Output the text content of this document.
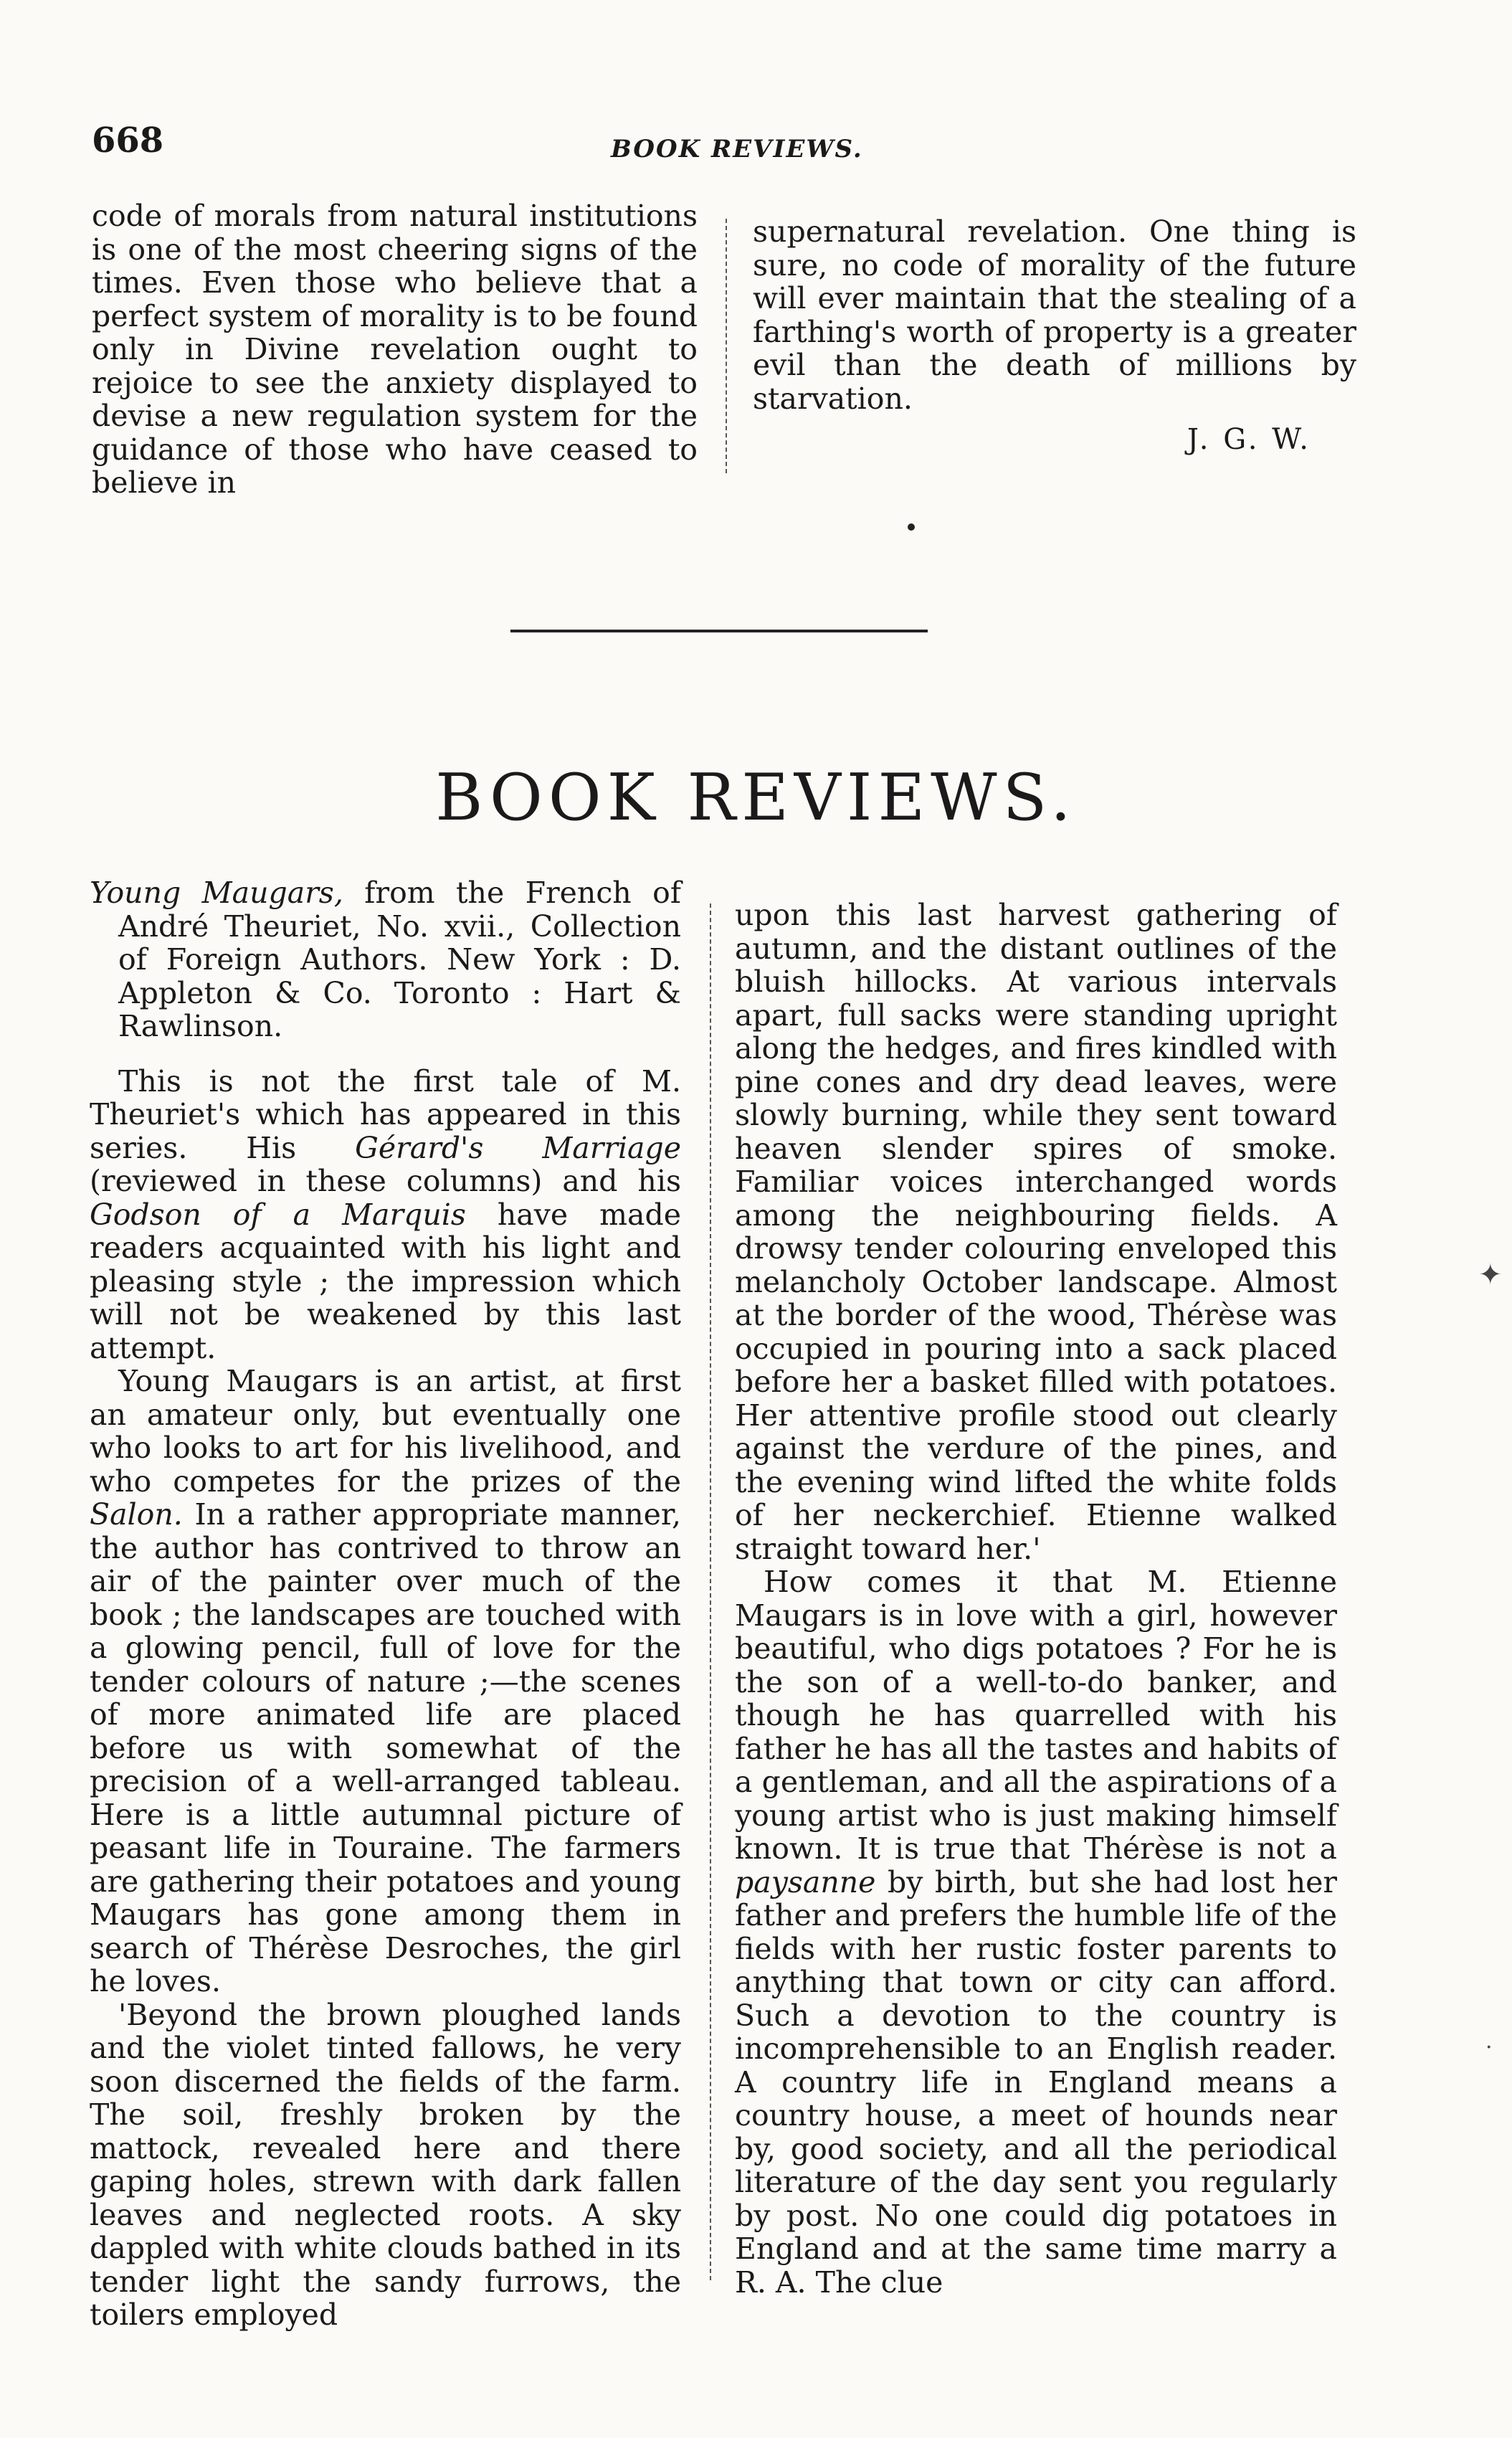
668	BOOK REVIEWS.

code of morals from natural institutions is one of the most cheering signs of the times. Even those who believe that a perfect system of morality is to be found only in Divine revelation ought to rejoice to see the anxiety displayed to devise a new regulation system for the guidance of those who have ceased to believe in

supernatural revelation. One thing is sure, no code of morality of the future will ever maintain that the stealing of a farthing's worth of property is a greater evil than the death of millions by starvation.

J. G. W.
BOOK REVIEWS.

Young Maugars, from the French of André Theuriet, No. xvii., Collection of Foreign Authors. New York : D. Appleton & Co. Toronto : Hart & Rawlinson.

This is not the first tale of M. Theuriet's which has appeared in this series. His Gérard's Marriage (reviewed in these columns) and his Godson of a Marquis have made readers acquainted with his light and pleasing style ; the impression which will not be weakened by this last attempt.

Young Maugars is an artist, at first an amateur only, but eventually one who looks to art for his livelihood, and who competes for the prizes of the Salon. In a rather appropriate manner, the author has contrived to throw an air of the painter over much of the book ; the landscapes are touched with a glowing pencil, full of love for the tender colours of nature ;—the scenes of more animated life are placed before us with somewhat of the precision of a well-arranged tableau. Here is a little autumnal picture of peasant life in Touraine. The farmers are gathering their potatoes and young Maugars has gone among them in search of Thérèse Desroches, the girl he loves.

'Beyond the brown ploughed lands and the violet tinted fallows, he very soon discerned the fields of the farm. The soil, freshly broken by the mattock, revealed here and there gaping holes, strewn with dark fallen leaves and neglected roots. A sky dappled with white clouds bathed in its tender light the sandy furrows, the toilers employed

upon this last harvest gathering of autumn, and the distant outlines of the bluish hillocks. At various intervals apart, full sacks were standing upright along the hedges, and fires kindled with pine cones and dry dead leaves, were slowly burning, while they sent toward heaven slender spires of smoke. Familiar voices interchanged words among the neighbouring fields. A drowsy tender colouring enveloped this melancholy October landscape. Almost at the border of the wood, Thérèse was occupied in pouring into a sack placed before her a basket filled with potatoes. Her attentive profile stood out clearly against the verdure of the pines, and the evening wind lifted the white folds of her neckerchief. Etienne walked straight toward her.'

How comes it that M. Etienne Maugars is in love with a girl, however beautiful, who digs potatoes ? For he is the son of a well-to-do banker, and though he has quarrelled with his father he has all the tastes and habits of a gentleman, and all the aspirations of a young artist who is just making himself known. It is true that Thérèse is not a paysanne by birth, but she had lost her father and prefers the humble life of the fields with her rustic foster parents to anything that town or city can afford. Such a devotion to the country is incomprehensible to an English reader. A country life in England means a country house, a meet of hounds near by, good society, and all the periodical literature of the day sent you regularly by post. No one could dig potatoes in England and at the same time marry a R. A. The clue

✦
·
